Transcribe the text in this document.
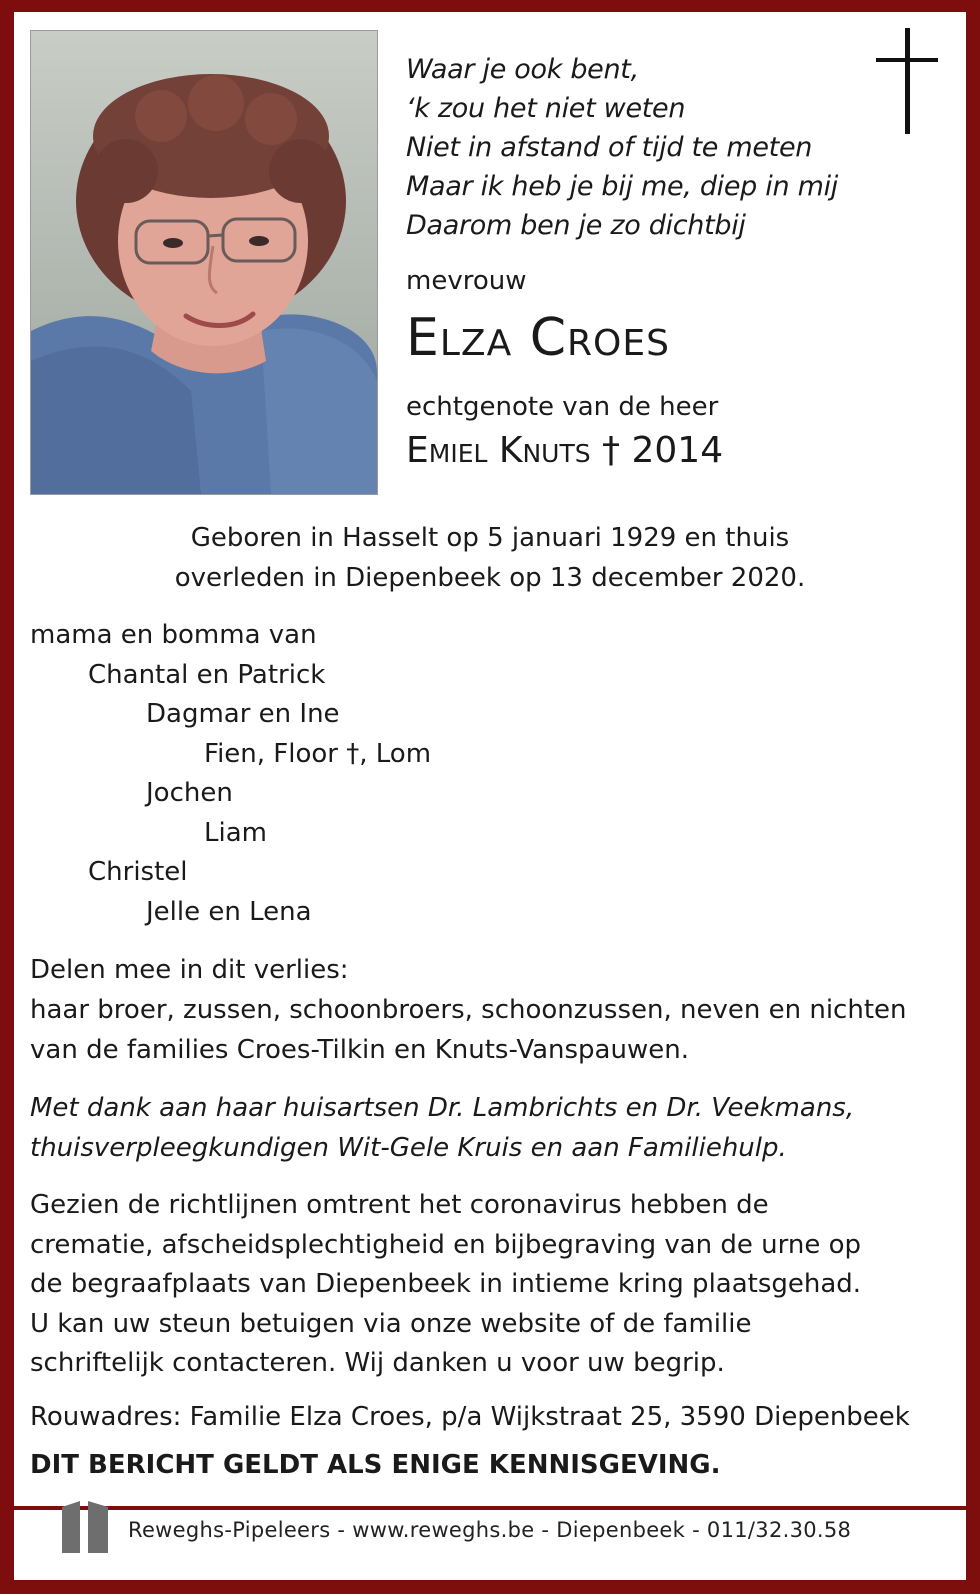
Waar je ook bent,
‘k zou het niet weten
Niet in afstand of tijd te meten
Maar ik heb je bij me, diep in mij
Daarom ben je zo dichtbij
mevrouw
Elza Croes
echtgenote van de heer
Emiel Knuts † 2014
Geboren in Hasselt op 5 januari 1929 en thuis
overleden in Diepenbeek op 13 december 2020.
mama en bomma van
Chantal en Patrick
Dagmar en Ine
Fien, Floor †, Lom
Jochen
Liam
Christel
Jelle en Lena
Delen mee in dit verlies:
haar broer, zussen, schoonbroers, schoonzussen, neven en nichten
van de families Croes-Tilkin en Knuts-Vanspauwen.
Met dank aan haar huisartsen Dr. Lambrichts en Dr. Veekmans,
thuisverpleegkundigen Wit-Gele Kruis en aan Familiehulp.
Gezien de richtlijnen omtrent het coronavirus hebben de
crematie, afscheidsplechtigheid en bijbegraving van de urne op
de begraafplaats van Diepenbeek in intieme kring plaatsgehad.
U kan uw steun betuigen via onze website of de familie
schriftelijk contacteren. Wij danken u voor uw begrip.
Rouwadres: Familie Elza Croes, p/a Wijkstraat 25, 3590 Diepenbeek
DIT BERICHT GELDT ALS ENIGE KENNISGEVING.
Reweghs-Pipeleers - www.reweghs.be - Diepenbeek - 011/32.30.58
